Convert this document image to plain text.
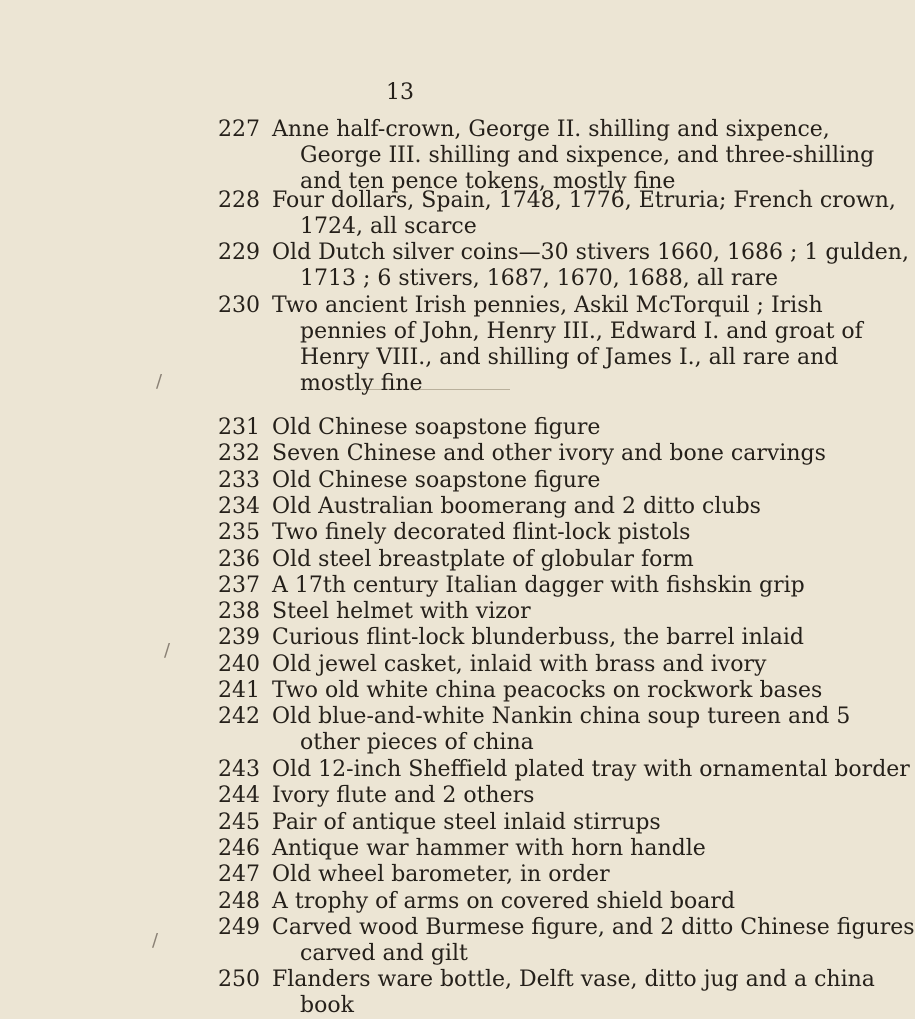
13
227 Anne half-crown, George II. shilling and sixpence,
George III. shilling and sixpence, and three-shilling
and ten pence tokens, mostly fine
228 Four dollars, Spain, 1748, 1776, Etruria; French crown,
1724, all scarce
229 Old Dutch silver coins—30 stivers 1660, 1686 ; 1 gulden,
1713 ; 6 stivers, 1687, 1670, 1688, all rare
230 Two ancient Irish pennies, Askil McTorquil ; Irish
pennies of John, Henry III., Edward I. and groat of
Henry VIII., and shilling of James I., all rare and
mostly fine
231 Old Chinese soapstone figure
232 Seven Chinese and other ivory and bone carvings
233 Old Chinese soapstone figure
234 Old Australian boomerang and 2 ditto clubs
235 Two finely decorated flint-lock pistols
236 Old steel breastplate of globular form
237 A 17th century Italian dagger with fishskin grip
238 Steel helmet with vizor
239 Curious flint-lock blunderbuss, the barrel inlaid
240 Old jewel casket, inlaid with brass and ivory
241 Two old white china peacocks on rockwork bases
242 Old blue-and-white Nankin china soup tureen and 5
other pieces of china
243 Old 12-inch Sheffield plated tray with ornamental border
244 Ivory flute and 2 others
245 Pair of antique steel inlaid stirrups
246 Antique war hammer with horn handle
247 Old wheel barometer, in order
248 A trophy of arms on covered shield board
249 Carved wood Burmese figure, and 2 ditto Chinese figures
carved and gilt
250 Flanders ware bottle, Delft vase, ditto jug and a china
book
/
/
/
